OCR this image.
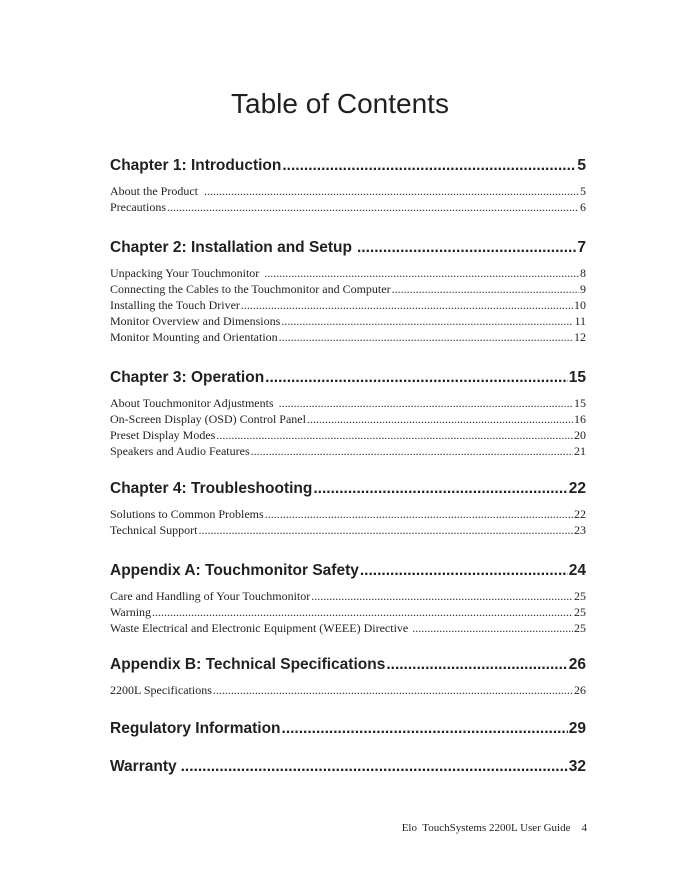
Table of Contents
Chapter 1: Introduction .....	5
About the Product .....	5
Precautions .....	6
Chapter 2: Installation and Setup .....	7
Unpacking Your Touchmonitor .....	8
Connecting the Cables to the Touchmonitor and Computer .....	9
Installing the Touch Driver .....	10
Monitor Overview and Dimensions .....	11
Monitor Mounting and Orientation .....	12
Chapter 3: Operation .....	15
About Touchmonitor Adjustments .....	15
On-Screen Display (OSD) Control Panel .....	16
Preset Display Modes .....	20
Speakers and Audio Features .....	21
Chapter 4: Troubleshooting .....	22
Solutions to Common Problems .....	22
Technical Support .....	23
Appendix A: Touchmonitor Safety .....	24
Care and Handling of Your Touchmonitor .....	25
Warning .....	25
Waste Electrical and Electronic Equipment (WEEE) Directive .....	25
Appendix B: Technical Specifications .....	26
2200L Specifications .....	26
Regulatory Information .....	29
Warranty .....	32
Elo  TouchSystems 2200L User Guide 4
